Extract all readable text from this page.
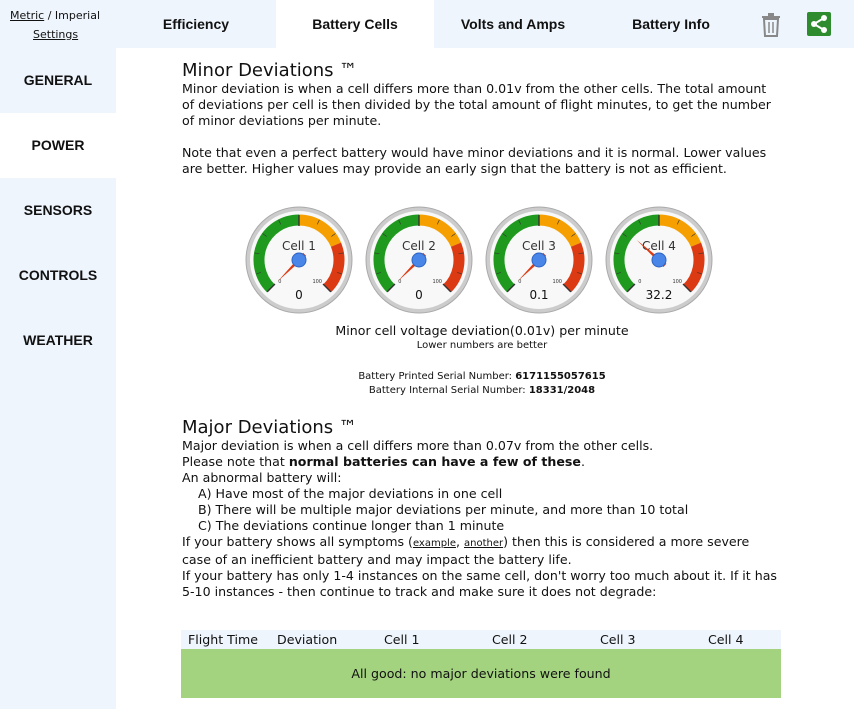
Metric / Imperial
Settings
Efficiency	Battery Cells	Volts and Amps	Battery Info
GENERAL
POWER
SENSORS
CONTROLS
WEATHER
Minor Deviations ™
Minor deviation is when a cell differs more than 0.01v from the other cells. The total amount of deviations per cell is then divided by the total amount of flight minutes, to get the number of minor deviations per minute.
Note that even a perfect battery would have minor deviations and it is normal. Lower values are better. Higher values may provide an early sign that the battery is not as efficient.
Cell 1
0	100
0
Cell 2
0	100
0
Cell 3
0	100
0.1
Cell 4
0	100
32.2
Minor cell voltage deviation(0.01v) per minute
Lower numbers are better
Battery Printed Serial Number: 6171155057615
Battery Internal Serial Number: 18331/2048
Major Deviations ™
Major deviation is when a cell differs more than 0.07v from the other cells.
Please note that normal batteries can have a few of these.
An abnormal battery will:
A) Have most of the major deviations in one cell
B) There will be multiple major deviations per minute, and more than 10 total
C) The deviations continue longer than 1 minute
If your battery shows all symptoms (example, another) then this is considered a more severe case of an inefficient battery and may impact the battery life.
If your battery has only 1-4 instances on the same cell, don't worry too much about it. If it has 5-10 instances - then continue to track and make sure it does not degrade:
Flight Time Deviation	Cell 1	Cell 2	Cell 3	Cell 4
All good: no major deviations were found
